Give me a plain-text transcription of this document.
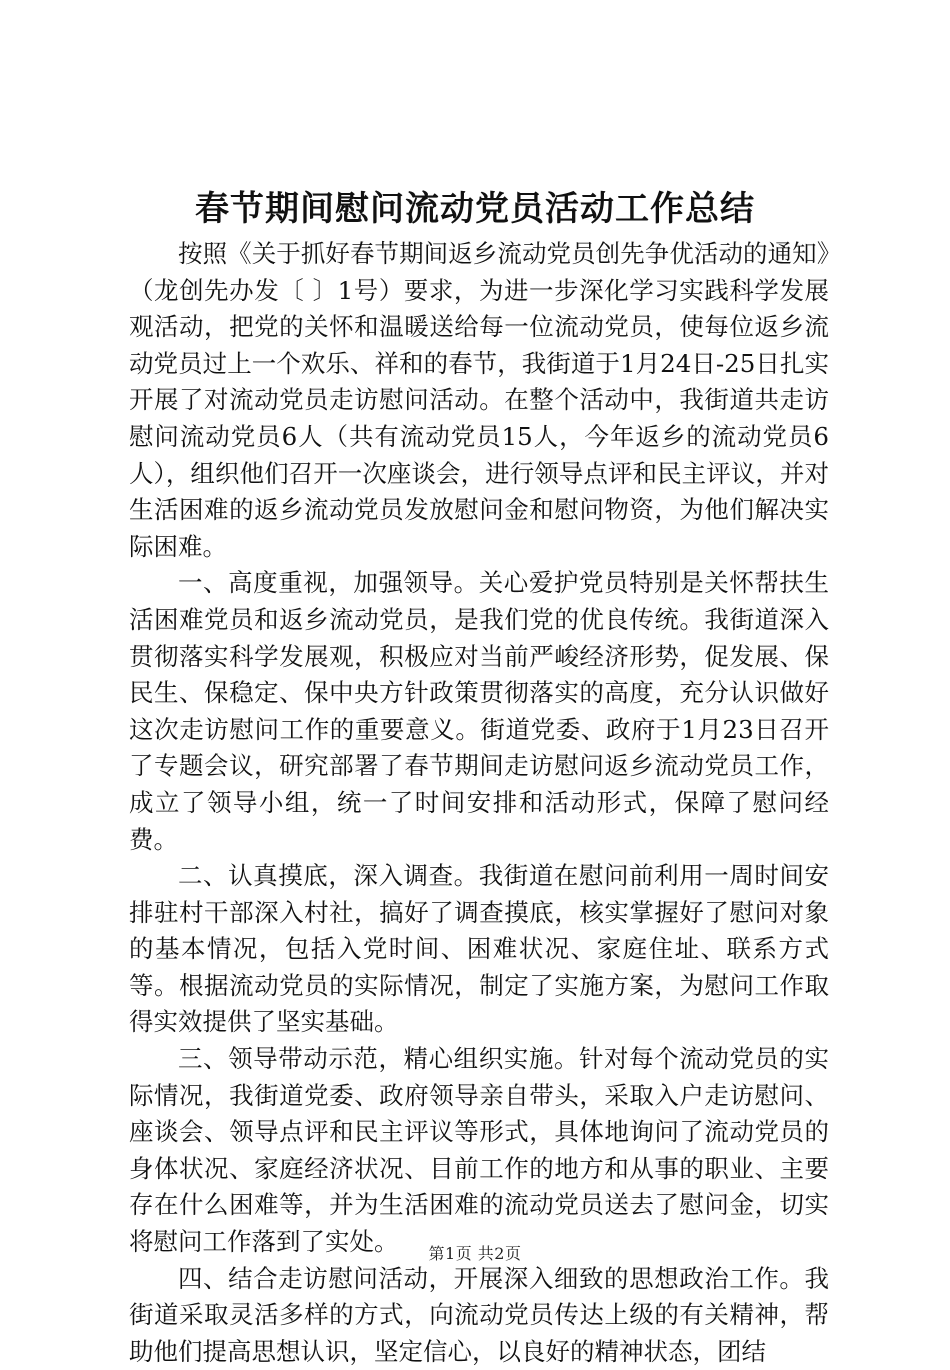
春节期间慰问流动党员活动工作总结

按照《关于抓好春节期间返乡流动党员创先争优活动的通知》（龙创先办发〔 〕1号）要求，为进一步深化学习实践科学发展观活动，把党的关怀和温暖送给每一位流动党员，使每位返乡流动党员过上一个欢乐、祥和的春节，我街道于1月24日-25日扎实开展了对流动党员走访慰问活动。在整个活动中，我街道共走访慰问流动党员6人（共有流动党员15人，今年返乡的流动党员6人），组织他们召开一次座谈会，进行领导点评和民主评议，并对生活困难的返乡流动党员发放慰问金和慰问物资，为他们解决实际困难。

一、高度重视，加强领导。关心爱护党员特别是关怀帮扶生活困难党员和返乡流动党员，是我们党的优良传统。我街道深入贯彻落实科学发展观，积极应对当前严峻经济形势，促发展、保民生、保稳定、保中央方针政策贯彻落实的高度，充分认识做好这次走访慰问工作的重要意义。街道党委、政府于1月23日召开了专题会议，研究部署了春节期间走访慰问返乡流动党员工作，成立了领导小组，统一了时间安排和活动形式，保障了慰问经费。

二、认真摸底，深入调查。我街道在慰问前利用一周时间安排驻村干部深入村社，搞好了调查摸底，核实掌握好了慰问对象的基本情况，包括入党时间、困难状况、家庭住址、联系方式等。根据流动党员的实际情况，制定了实施方案，为慰问工作取得实效提供了坚实基础。

三、领导带动示范，精心组织实施。针对每个流动党员的实际情况，我街道党委、政府领导亲自带头，采取入户走访慰问、座谈会、领导点评和民主评议等形式，具体地询问了流动党员的身体状况、家庭经济状况、目前工作的地方和从事的职业、主要存在什么困难等，并为生活困难的流动党员送去了慰问金，切实将慰问工作落到了实处。

四、结合走访慰问活动，开展深入细致的思想政治工作。我街道采取灵活多样的方式，向流动党员传达上级的有关精神，帮助他们提高思想认识，坚定信心，以良好的精神状态，团结

第1页 共2页
